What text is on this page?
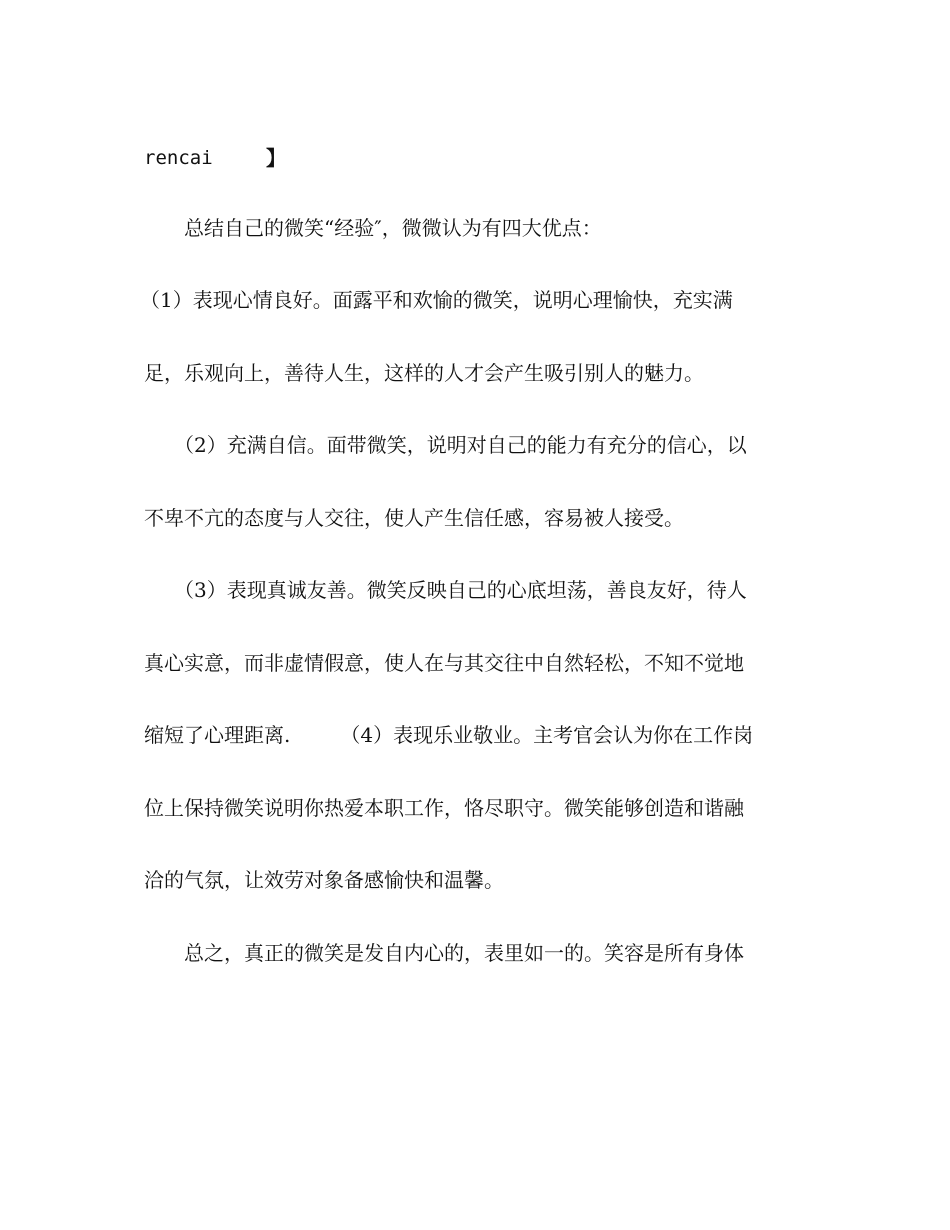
rencai	】
　　总结自己的微笑“经验″，微微认为有四大优点：
（1）表现心情良好。面露平和欢愉的微笑，说明心理愉快，充实满
足，乐观向上，善待人生，这样的人才会产生吸引别人的魅力。
　　（2）充满自信。面带微笑，说明对自己的能力有充分的信心，以
不卑不亢的态度与人交往，使人产生信任感，容易被人接受。
　　（3）表现真诚友善。微笑反映自己的心底坦荡，善良友好，待人
真心实意，而非虚情假意，使人在与其交往中自然轻松，不知不觉地
缩短了心理距离.　　　（4）表现乐业敬业。主考官会认为你在工作岗
位上保持微笑说明你热爱本职工作，恪尽职守。微笑能够创造和谐融
洽的气氛，让效劳对象备感愉快和温馨。
　　总之，真正的微笑是发自内心的，表里如一的。笑容是所有身体
